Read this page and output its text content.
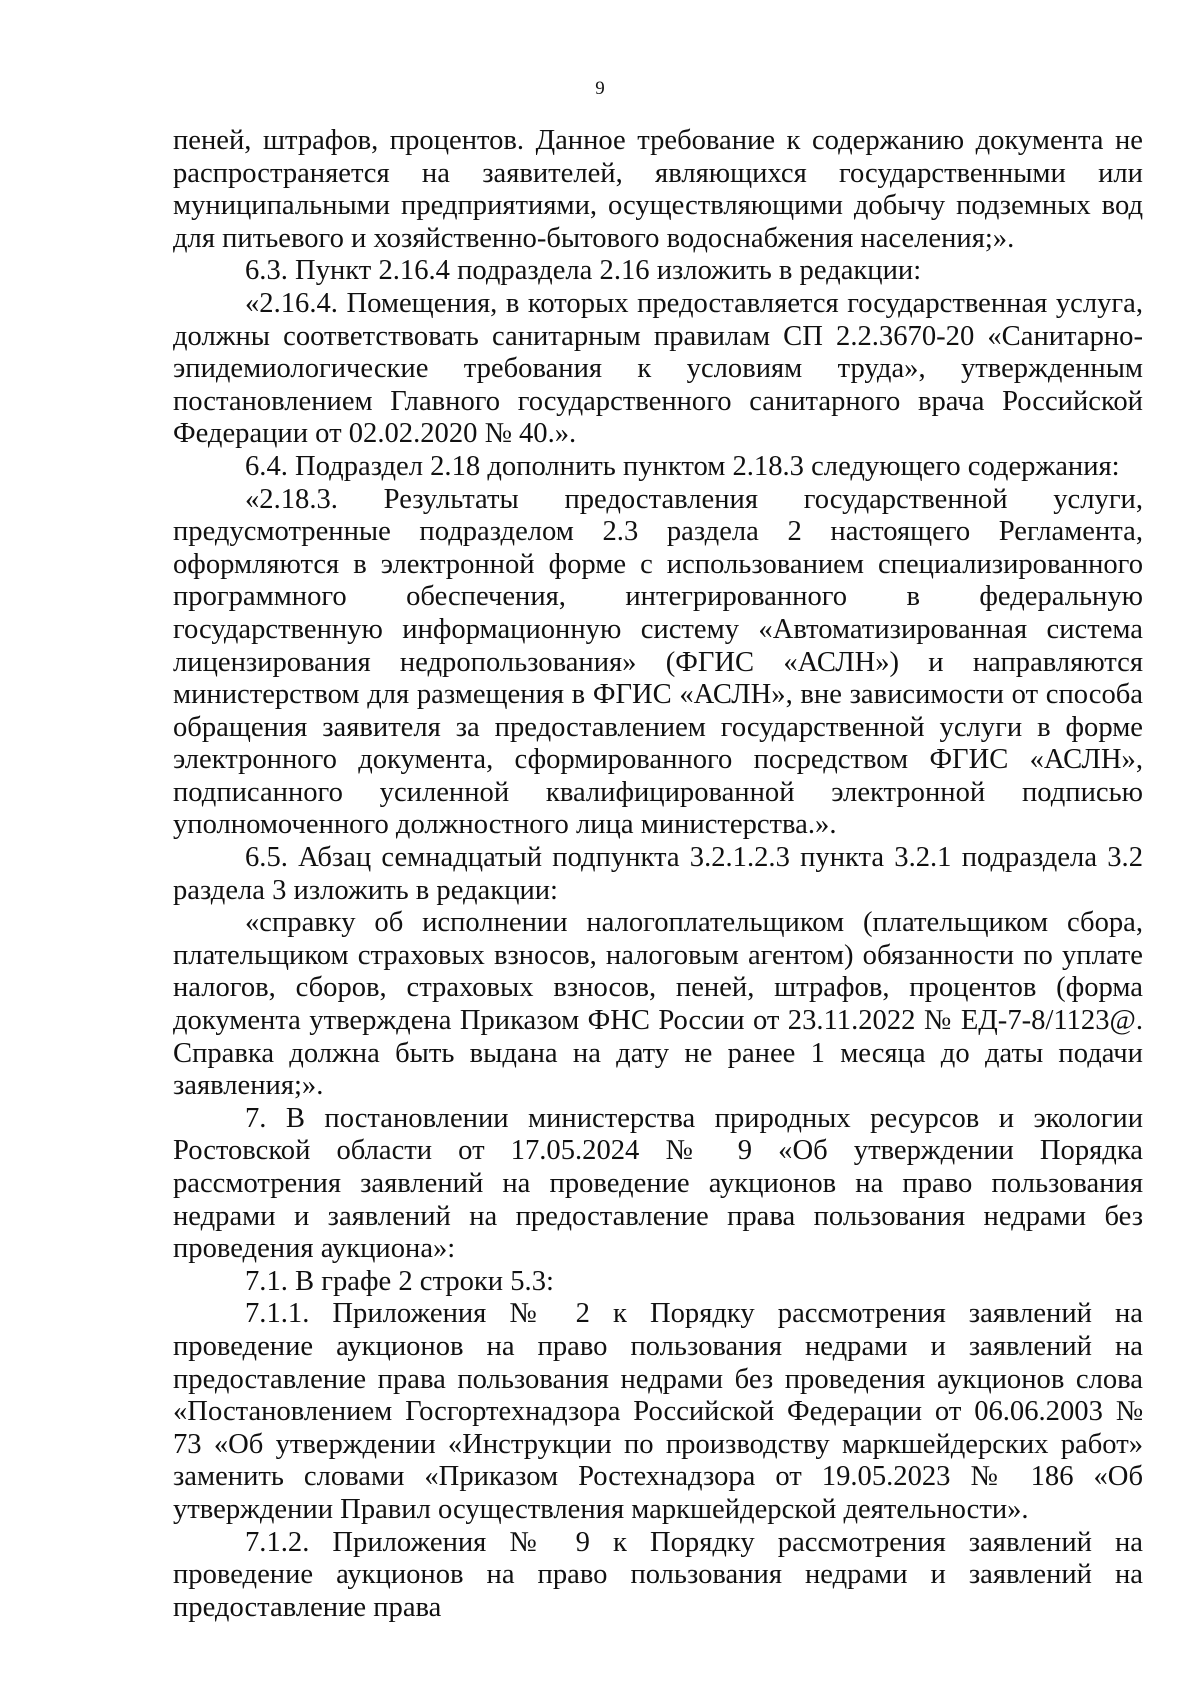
9

пеней, штрафов, процентов. Данное требование к содержанию документа не распространяется на заявителей, являющихся государственными или муниципальными предприятиями, осуществляющими добычу подземных вод для питьевого и хозяйственно-бытового водоснабжения населения;».

6.3. Пункт 2.16.4 подраздела 2.16 изложить в редакции:

«2.16.4. Помещения, в которых предоставляется государственная услуга, должны соответствовать санитарным правилам СП 2.2.3670-20 «Санитарно-эпидемиологические требования к условиям труда», утвержденным постановлением Главного государственного санитарного врача Российской Федерации от 02.02.2020 № 40.».

6.4. Подраздел 2.18 дополнить пунктом 2.18.3 следующего содержания:

«2.18.3. Результаты предоставления государственной услуги, предусмотренные подразделом 2.3 раздела 2 настоящего Регламента, оформляются в электронной форме с использованием специализированного программного обеспечения, интегрированного в федеральную государственную информационную систему «Автоматизированная система лицензирования недропользования» (ФГИС «АСЛН») и направляются министерством для размещения в ФГИС «АСЛН», вне зависимости от способа обращения заявителя за предоставлением государственной услуги в форме электронного документа, сформированного посредством ФГИС «АСЛН», подписанного усиленной квалифицированной электронной подписью уполномоченного должностного лица министерства.».

6.5. Абзац семнадцатый подпункта 3.2.1.2.3 пункта 3.2.1 подраздела 3.2 раздела 3 изложить в редакции:

«справку об исполнении налогоплательщиком (плательщиком сбора, плательщиком страховых взносов, налоговым агентом) обязанности по уплате налогов, сборов, страховых взносов, пеней, штрафов, процентов (форма документа утверждена Приказом ФНС России от 23.11.2022 № ЕД-7-8/1123@. Справка должна быть выдана на дату не ранее 1 месяца до даты подачи заявления;».

7. В постановлении министерства природных ресурсов и экологии Ростовской области от 17.05.2024 № 9 «Об утверждении Порядка рассмотрения заявлений на проведение аукционов на право пользования недрами и заявлений на предоставление права пользования недрами без проведения аукциона»:

7.1. В графе 2 строки 5.3:

7.1.1. Приложения № 2 к Порядку рассмотрения заявлений на проведение аукционов на право пользования недрами и заявлений на предоставление права пользования недрами без проведения аукционов слова «Постановлением Госгортехнадзора Российской Федерации от 06.06.2003 № 73 «Об утверждении «Инструкции по производству маркшейдерских работ» заменить словами «Приказом Ростехнадзора от 19.05.2023 № 186 «Об утверждении Правил осуществления маркшейдерской деятельности».

7.1.2. Приложения № 9 к Порядку рассмотрения заявлений на проведение аукционов на право пользования недрами и заявлений на предоставление права
